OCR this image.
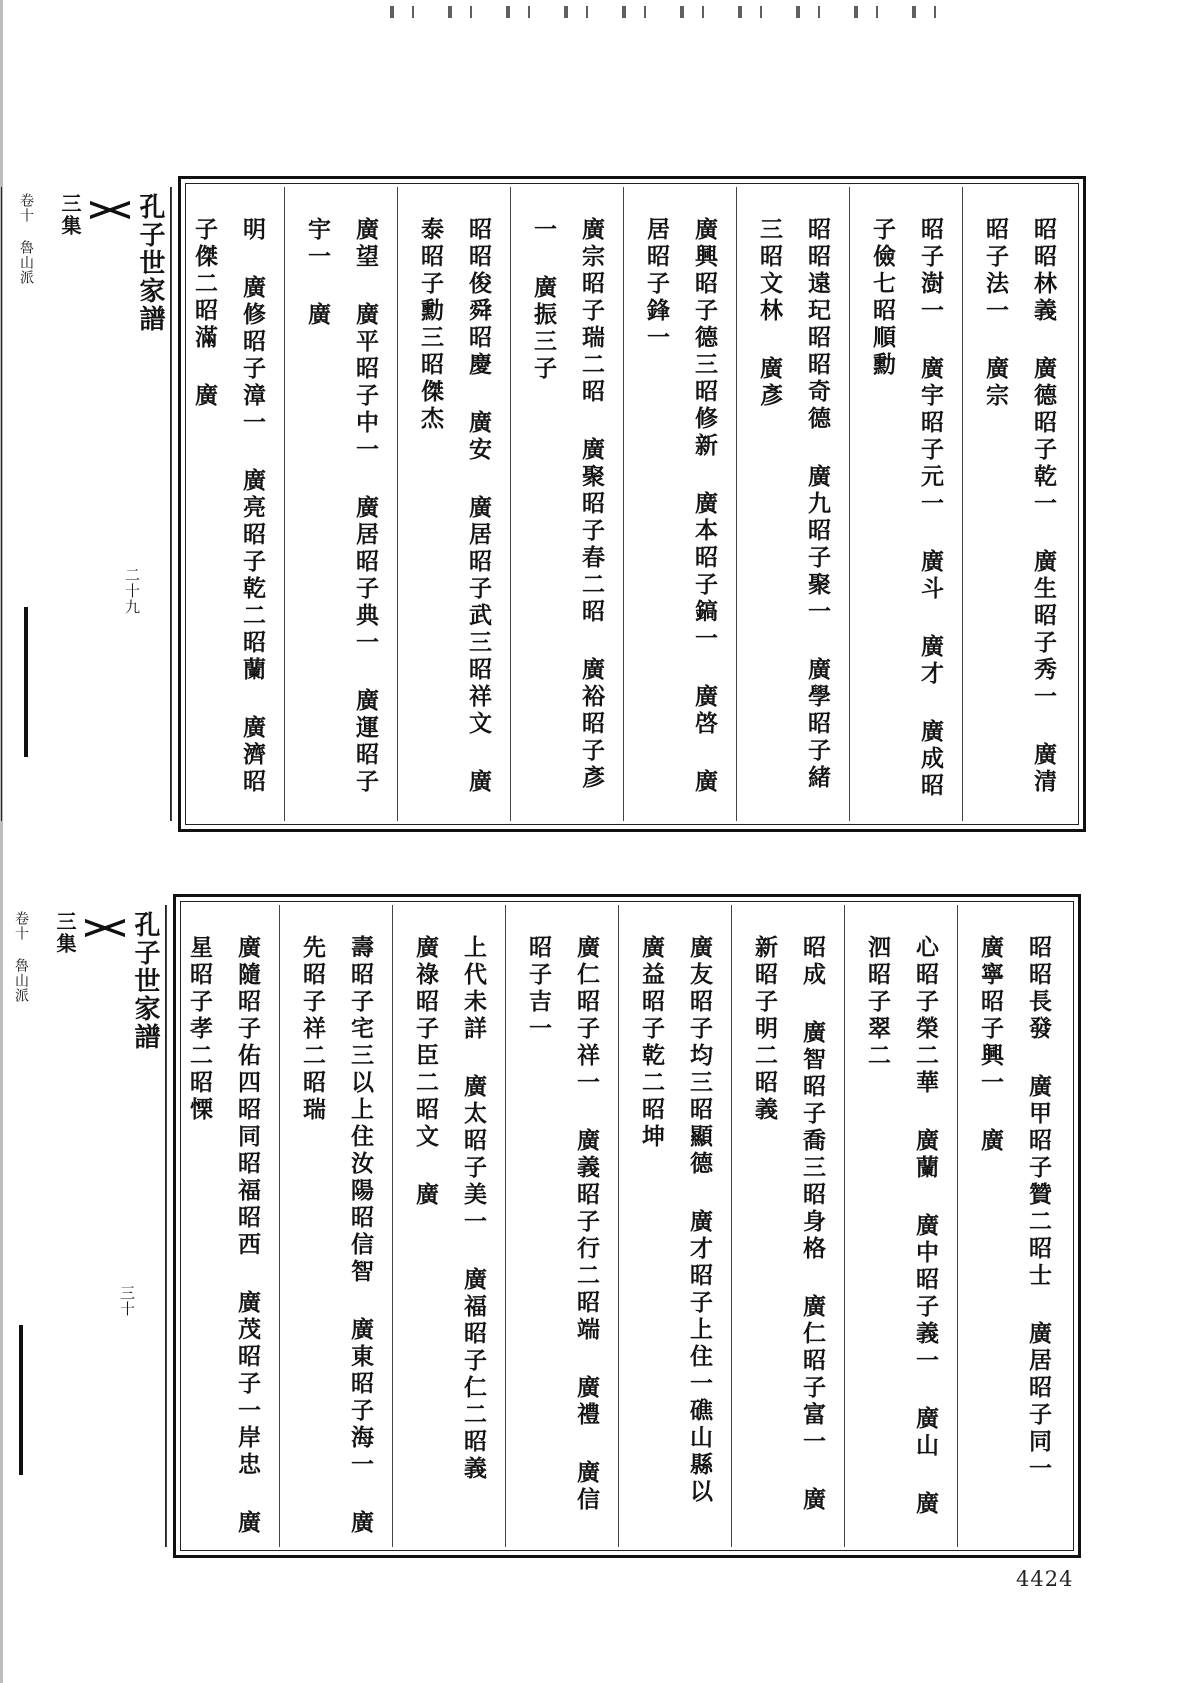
昭昭林義 廣德昭子乾一 廣生昭子秀一 廣清昭子法一 廣宗
昭子澍一 廣宇昭子元一 廣斗 廣才 廣成昭子儉七昭順勳
昭昭遠玘昭昭奇德 廣九昭子聚一 廣學昭子緒三昭文林 廣彥
廣興昭子德三昭修新 廣本昭子鎬一 廣啓 廣居昭子鋒一
廣宗昭子瑞二昭 廣聚昭子春二昭 廣裕昭子彥一 廣振三子
昭昭俊舜昭慶 廣安 廣居昭子武三昭祥文 廣泰昭子勳三昭傑杰
廣望 廣平昭子中一 廣居昭子典一 廣運昭子宇一 廣
明 廣修昭子漳一 廣亮昭子乾二昭蘭 廣濟昭子傑二昭滿 廣
孔子世家譜
三集
卷十 魯山派
二十九
昭昭長發 廣甲昭子贊二昭士 廣居昭子同一 廣寧昭子興一 廣
心昭子榮二華 廣蘭 廣中昭子義一 廣山 廣泗昭子翠二
昭成 廣智昭子喬三昭身格 廣仁昭子富一 廣新昭子明二昭義
廣友昭子均三昭顯德 廣才昭子上住一礁山縣以 廣益昭子乾二昭坤
廣仁昭子祥一 廣義昭子行二昭端 廣禮 廣信昭子吉一
上代未詳 廣太昭子美一 廣福昭子仁二昭義 廣祿昭子臣二昭文 廣
壽昭子宅三以上住汝陽昭信智 廣東昭子海一 廣先昭子祥二昭瑞
廣隨昭子佑四昭同昭福昭西 廣茂昭子一岸忠 廣星昭子孝二昭慄
孔子世家譜
三集
卷十 魯山派
三十
4424
